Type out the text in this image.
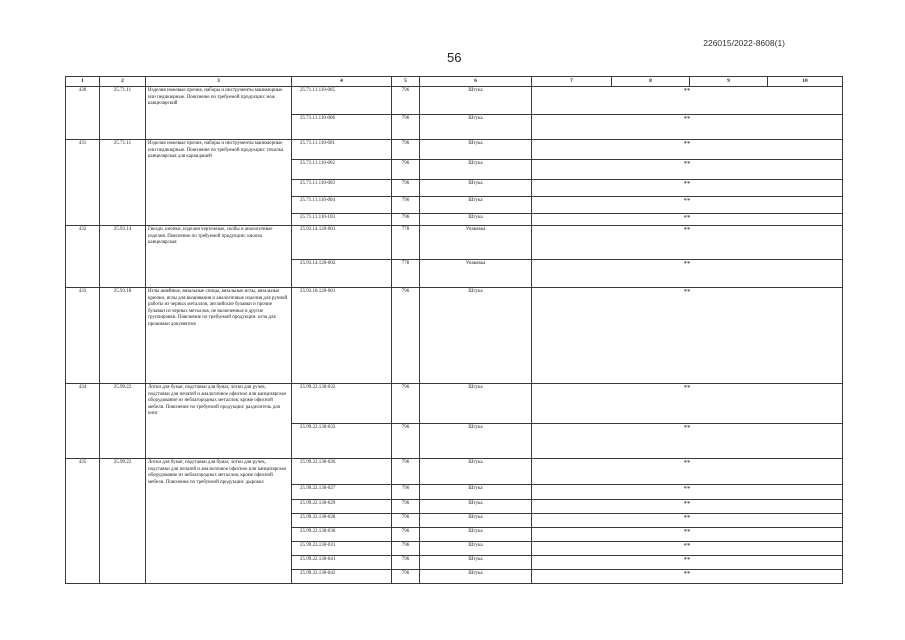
226015/2022-8608(1)
56
1	2	3	4	5	6	7	8	9	10
430	25.71.11	Изделия ножевые прочие, наборы и инструменты маникюрные или педикюрные. Пояснение по требуемой продукции: нож канцелярский	25.71.11.110-005	796	Штука	**			
			25.71.11.110-006	796	Штука	**			
431	25.71.11	Изделия ножевые прочие, наборы и инструменты маникюрные или педикюрные. Пояснение по требуемой продукции: точилка канцелярская для карандашей	25.71.11.110-001	796	Штука	**			
			25.71.11.110-002	796	Штука	**			
			25.71.11.110-003	796	Штука	**			
			25.71.11.110-004	796	Штука	**			
			25.71.11.110-103	796	Штука	**			
432	25.93.14	Гвозди, кнопки, изделия чертежные, скобы и аналогичные изделия. Пояснение по требуемой продукции: кнопка канцелярская	25.93.14.120-001	778	Упаковка	**			
			25.93.14.120-002	778	Упаковка	**			
433	25.93.18	Иглы швейные, вязальные спицы, вязальные иглы, вязальные крючки, иглы для вышивания и аналогичные изделия для ручной работы из черных металлов, английские булавки и прочие булавки из черных металлов, не включенные в другие группировки. Пояснение по требуемой продукции: игла для прошивки документов	25.93.18.120-001	796	Штука	**			
434	25.99.22	Лотки для бумаг, подставки для бумаг, лотки для ручек, подставки для печатей и аналогичное офисное или канцелярское оборудование из неблагородных металлов, кроме офисной мебели. Пояснение по требуемой продукции: разделитель для книг	25.99.22.130-032	796	Штука	**			
			25.99.22.130-033	796	Штука	**			
435	25.99.22	Лотки для бумаг, подставки для бумаг, лотки для ручек, подставки для печатей и аналогичное офисное или канцелярское оборудование из неблагородных металлов, кроме офисной мебели. Пояснение по требуемой продукции: дырокол	25.99.22.130-026	796	Штука	**			
			25.99.22.130-027	796	Штука	**			
			25.99.22.130-029	796	Штука	**			
			25.99.22.130-028	796	Штука	**			
			25.99.22.130-030	796	Штука	**			
			25.99.22.130-031	796	Штука	**			
			25.99.22.130-041	796	Штука	**			
			25.99.22.130-042	796	Штука	**			
